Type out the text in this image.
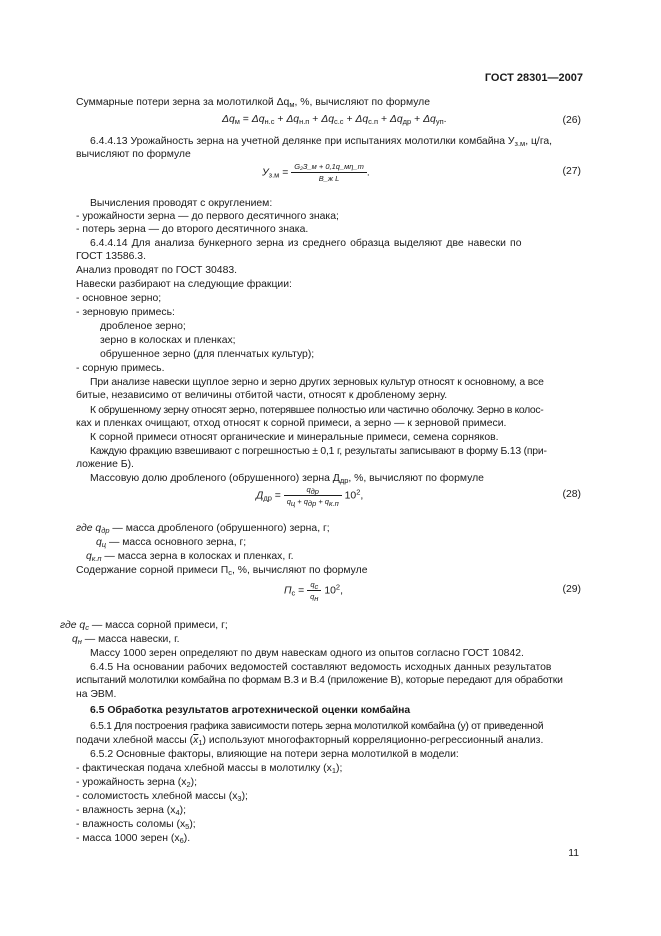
ГОСТ 28301—2007
Суммарные потери зерна за молотилкой $\Delta q_м$, %, вычисляют по формуле
$\Delta q_м = \Delta q_{н.с} + \Delta q_{н.п} + \Delta q_{с.с} + \Delta q_{с.п} + \Delta q_{др} + \Delta q_{уп}$.	(26)
6.4.4.13 Урожайность зерна на учетной делянке при испытаниях молотилки комбайна $У_{з.м}$, ц/га,
вычисляют по формуле
$У_{з.м} = \frac{\text{G₂З\_м + 0,1q\_мη\_т}}{\text{B\_ж L}}$ .	(27)
Вычисления проводят с округлением:
- урожайности зерна — до первого десятичного знака;
- потерь зерна — до второго десятичного знака.
6.4.4.14 Для анализа бункерного зерна из среднего образца выделяют две навески по
ГОСТ 13586.3.
Анализ проводят по ГОСТ 30483.
Навески разбирают на следующие фракции:
- основное зерно;
- зерновую примесь:
дробленое зерно;
зерно в колосках и пленках;
обрушенное зерно (для пленчатых культур);
- сорную примесь.
При анализе навески щуплое зерно и зерно других зерновых культур относят к основному, а все
битые, независимо от величины отбитой части, относят к дробленому зерну.
К обрушенному зерну относят зерно, потерявшее полностью или частично оболочку. Зерно в колос-
ках и пленках очищают, отход относят к сорной примеси, а зерно — к зерновой примеси.
К сорной примеси относят органические и минеральные примеси, семена сорняков.
Каждую фракцию взвешивают с погрешностью ± 0,1 г, результаты записывают в форму Б.13 (при-
ложение Б).
Массовую долю дробленого (обрушенного) зерна $Д_{др}$, %, вычисляют по формуле
$Д_{др} = \frac{q_{др}}{q_ц + q_{др} + q_{к.п}} 10^2$,	(28)
где $q_{др}$ — масса дробленого (обрушенного) зерна, г;
$q_ц$ — масса основного зерна, г;
$q_{к.п}$ — масса зерна в колосках и пленках, г.
Содержание сорной примеси $П_с$, %, вычисляют по формуле
$П_с = \frac{q_с}{q_н} 10^2$,	(29)
где $q_с$ — масса сорной примеси, г;
$q_н$ — масса навески, г.
Массу 1000 зерен определяют по двум навескам одного из опытов согласно ГОСТ 10842.
6.4.5 На основании рабочих ведомостей составляют ведомость исходных данных результатов
испытаний молотилки комбайна по формам В.3 и В.4 (приложение В), которые передают для обработки
на ЭВМ.
6.5 Обработка результатов агротехнической оценки комбайна
6.5.1 Для построения графика зависимости потерь зерна молотилкой комбайна (y) от приведенной
подачи хлебной массы $(\overline{x}_1)$ используют многофакторный корреляционно-регрессионный анализ.
6.5.2 Основные факторы, влияющие на потери зерна молотилкой в модели:
- фактическая подача хлебной массы в молотилку $(x_1)$;
- урожайность зерна $(x_2)$;
- соломистость хлебной массы $(x_3)$;
- влажность зерна $(x_4)$;
- влажность соломы $(x_5)$;
- масса 1000 зерен $(x_6)$.
11
